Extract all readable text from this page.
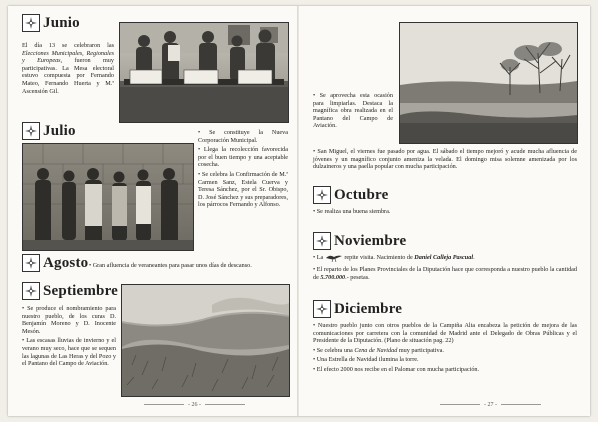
Junio
El día 13 se celebraron las Elecciones Municipales, Regionales y Europeas, fueron muy participativas. La Mesa electoral estuvo compuesta por Fernando Mateo, Fernando Huerta y M.ª Ascensión Gil.
Julio	• Se constituye la Nueva Corporación Municipal.

• Llega la recolección favorecida por el buen tiempo y una aceptable cosecha.

• Se celebra la Confirmación de M.ª Carmen Sanz, Estela Cuerva y Teresa Sánchez, por el Sr. Obispo, D. José Sánchez y sus preparadores, los párrocos Fernando y Alfonso.

Agosto • Gran afluencia de veraneantes para pasar unos días de descanso.
Septiembre

• Se produce el nombramiento para nuestro pueblo, de los curas D. Benjamín Moreno y D. Inocente Mesón.

• Las escasas lluvias de invierno y el verano muy seco, hace que se sequen las lagunas de Las Heras y del Pozo y el Pantano del Campo de Aviación.

- 26 -
• Se aprovecha esta ocasión para limpiarlas. Destaca la magnífica obra realizada en el Pantano del Campo de Aviación.
• San Miguel, el viernes fue pasado por agua. El sábado el tiempo mejoró y acude mucha afluencia de jóvenes y un magnífico conjunto ameniza la velada. El domingo misa solemne amenizada por los dulzaineros y una paella popular con mucha participación.
Octubre
• Se realiza una buena siembra.
Noviembre
• La	repite visita. Nacimiento de Daniel Calleja Pascual.
• El reparto de los Planes Provinciales de la Diputación hace que corresponda a nuestro pueblo la cantidad de 5.700.000.- pesetas.
Diciembre

• Nuestro pueblo junto con otros pueblos de la Campiña Alta encabeza la petición de mejora de las comunicaciones por carretera con la comunidad de Madrid ante el Delegado de Obras Públicas y el Presidente de la Diputación. (Plano de situación pag. 22)

• Se celebra una Cena de Navidad muy participativa.

• Una Estrella de Navidad ilumina la torre.

• El efecto 2000 nos recibe en el Palomar con mucha participación.

- 27 -
